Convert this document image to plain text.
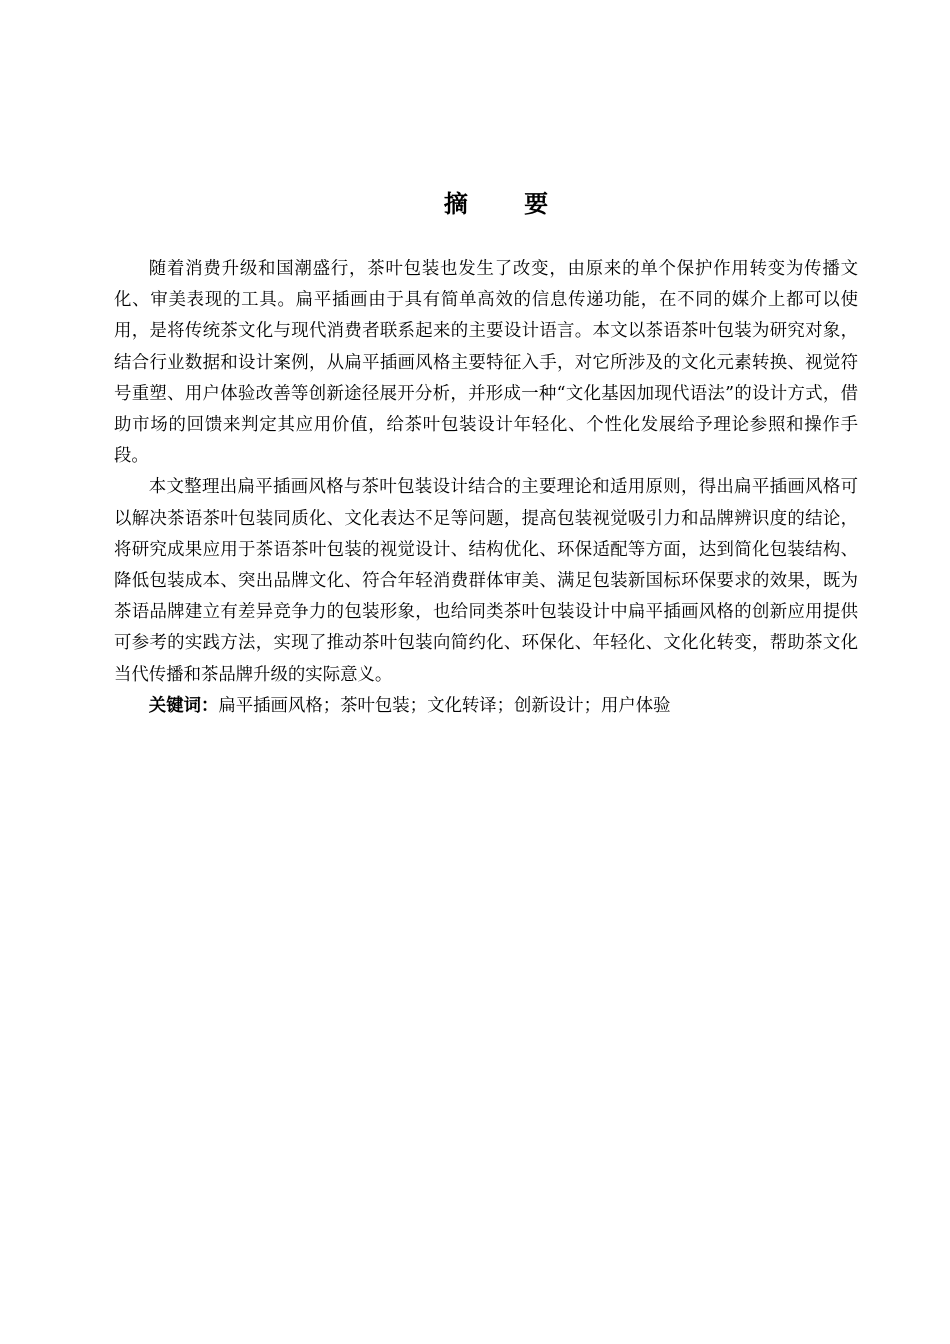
摘 要

随着消费升级和国潮盛行，茶叶包装也发生了改变，由原来的单个保护作用转变为传播文化、审美表现的工具。扁平插画由于具有简单高效的信息传递功能，在不同的媒介上都可以使用，是将传统茶文化与现代消费者联系起来的主要设计语言。本文以茶语茶叶包装为研究对象，结合行业数据和设计案例，从扁平插画风格主要特征入手，对它所涉及的文化元素转换、视觉符号重塑、用户体验改善等创新途径展开分析，并形成一种“文化基因加现代语法”的设计方式，借助市场的回馈来判定其应用价值，给茶叶包装设计年轻化、个性化发展给予理论参照和操作手段。

本文整理出扁平插画风格与茶叶包装设计结合的主要理论和适用原则，得出扁平插画风格可以解决茶语茶叶包装同质化、文化表达不足等问题，提高包装视觉吸引力和品牌辨识度的结论，将研究成果应用于茶语茶叶包装的视觉设计、结构优化、环保适配等方面，达到简化包装结构、降低包装成本、突出品牌文化、符合年轻消费群体审美、满足包装新国标环保要求的效果，既为茶语品牌建立有差异竞争力的包装形象，也给同类茶叶包装设计中扁平插画风格的创新应用提供可参考的实践方法，实现了推动茶叶包装向简约化、环保化、年轻化、文化化转变，帮助茶文化当代传播和茶品牌升级的实际意义。

关键词：扁平插画风格；茶叶包装；文化转译；创新设计；用户体验
